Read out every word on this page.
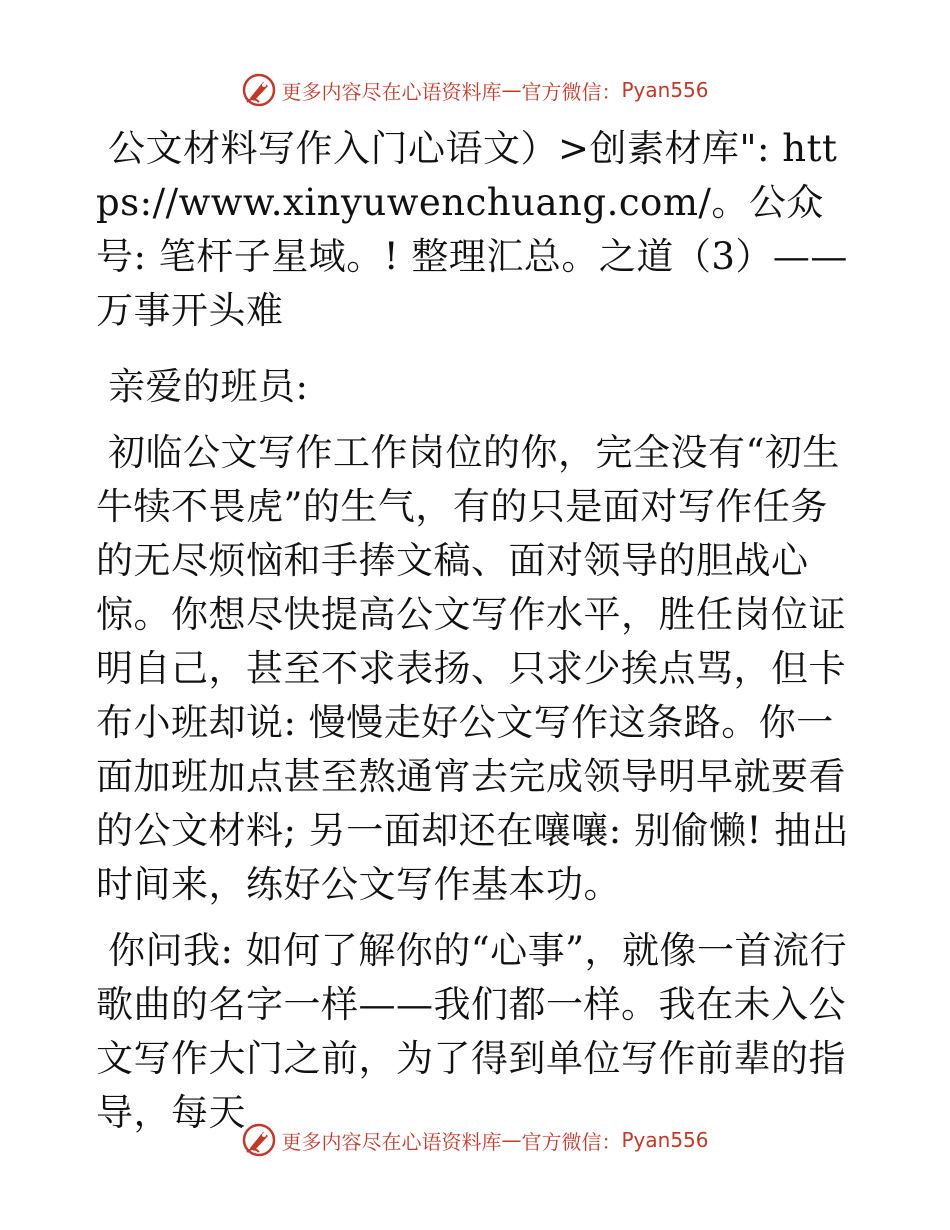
更多内容尽在心语资料库 — 官方微信： Pyan556

公文材料写作入门心语文）>创素材库": https://www.xinyuwenchuang.com/。公众号: 笔杆子星域。! 整理汇总。之道（3）——万事开头难

亲爱的班员:

初临公文写作工作岗位的你，完全没有“初生牛犊不畏虎”的生气，有的只是面对写作任务的无尽烦恼和手捧文稿、面对领导的胆战心惊。你想尽快提高公文写作水平，胜任岗位证明自己，甚至不求表扬、只求少挨点骂，但卡布小班却说: 慢慢走好公文写作这条路。你一面加班加点甚至熬通宵去完成领导明早就要看的公文材料; 另一面却还在嚷嚷: 别偷懒! 抽出时间来，练好公文写作基本功。

你问我: 如何了解你的“心事”，就像一首流行歌曲的名字一样——我们都一样。我在未入公文写作大门之前，为了得到单位写作前辈的指导，每天

更多内容尽在心语资料库 — 官方微信： Pyan556
